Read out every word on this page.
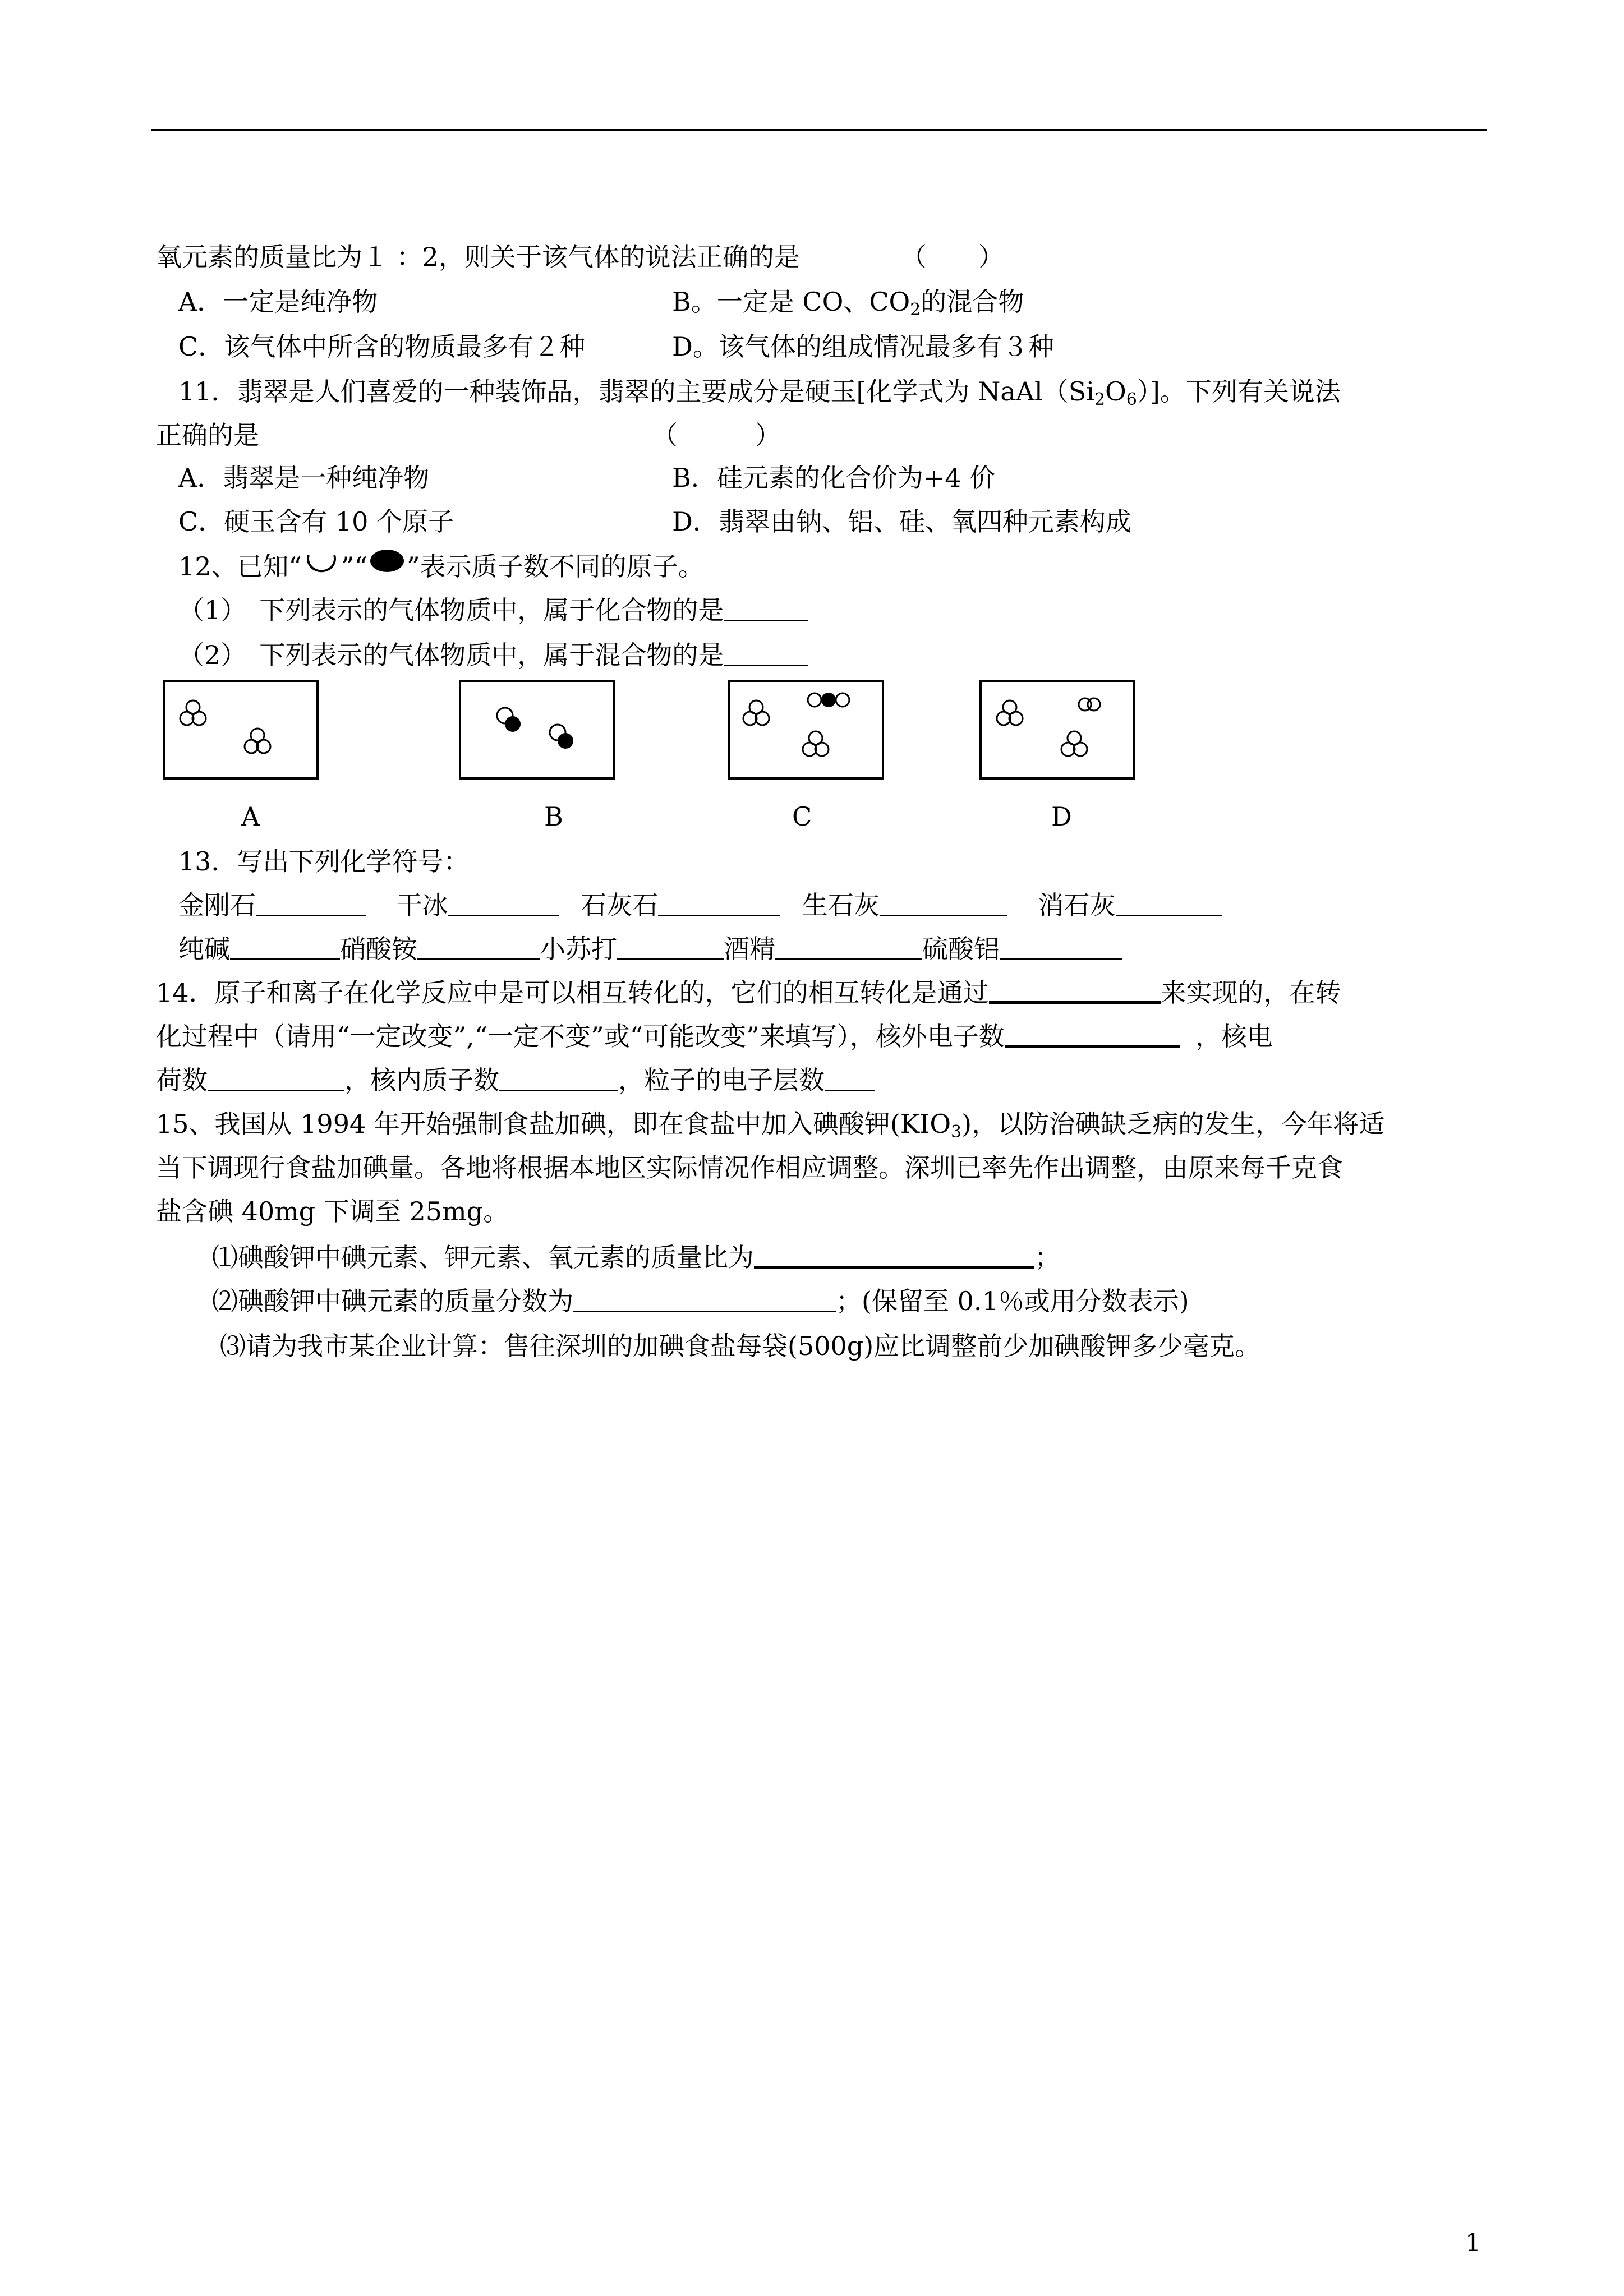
氧元素的质量比为１ ：2，则关于该气体的说法正确的是	（　　）
A．一定是纯净物	B。一定是 CO、$CO_2$的混合物
C．该气体中所含的物质最多有２种	D。该气体的组成情况最多有３种
11．翡翠是人们喜爱的一种装饰品，翡翠的主要成分是硬玉[化学式为 $NaAl(Si_2O_6)$]。下列有关说法
正确的是	（　　　）
A．翡翠是一种纯净物	B．硅元素的化合价为+4 价
C．硬玉含有 10 个原子	D．翡翠由钠、铝、硅、氧四种元素构成
12、已知“ ”“ ”表示质子数不同的原子。
（1）　下列表示的气体物质中，属于化合物的是
（2）　下列表示的气体物质中，属于混合物的是
A	B	C	D
13．写出下列化学符号：
金刚石	干冰	石灰石	生石灰	消石灰
纯碱	硝酸铵	小苏打	酒精	硫酸铝
14．原子和离子在化学反应中是可以相互转化的，它们的相互转化是通过	来实现的，在转
化过程中（请用“一定改变”,“一定不变”或“可能改变”来填写），核外电子数	，核电
荷数	，核内质子数	，粒子的电子层数
15、我国从 1994 年开始强制食盐加碘，即在食盐中加入碘酸钾$(KIO_3)$，以防治碘缺乏病的发生，今年将适
当下调现行食盐加碘量。各地将根据本地区实际情况作相应调整。深圳已率先作出调整，由原来每千克食
盐含碘 40mg 下调至 25mg。
⑴碘酸钾中碘元素、钾元素、氧元素的质量比为	；
⑵碘酸钾中碘元素的质量分数为	；(保留至 0.1％或用分数表示)
⑶请为我市某企业计算：售往深圳的加碘食盐每袋(500g)应比调整前少加碘酸钾多少毫克。
1
